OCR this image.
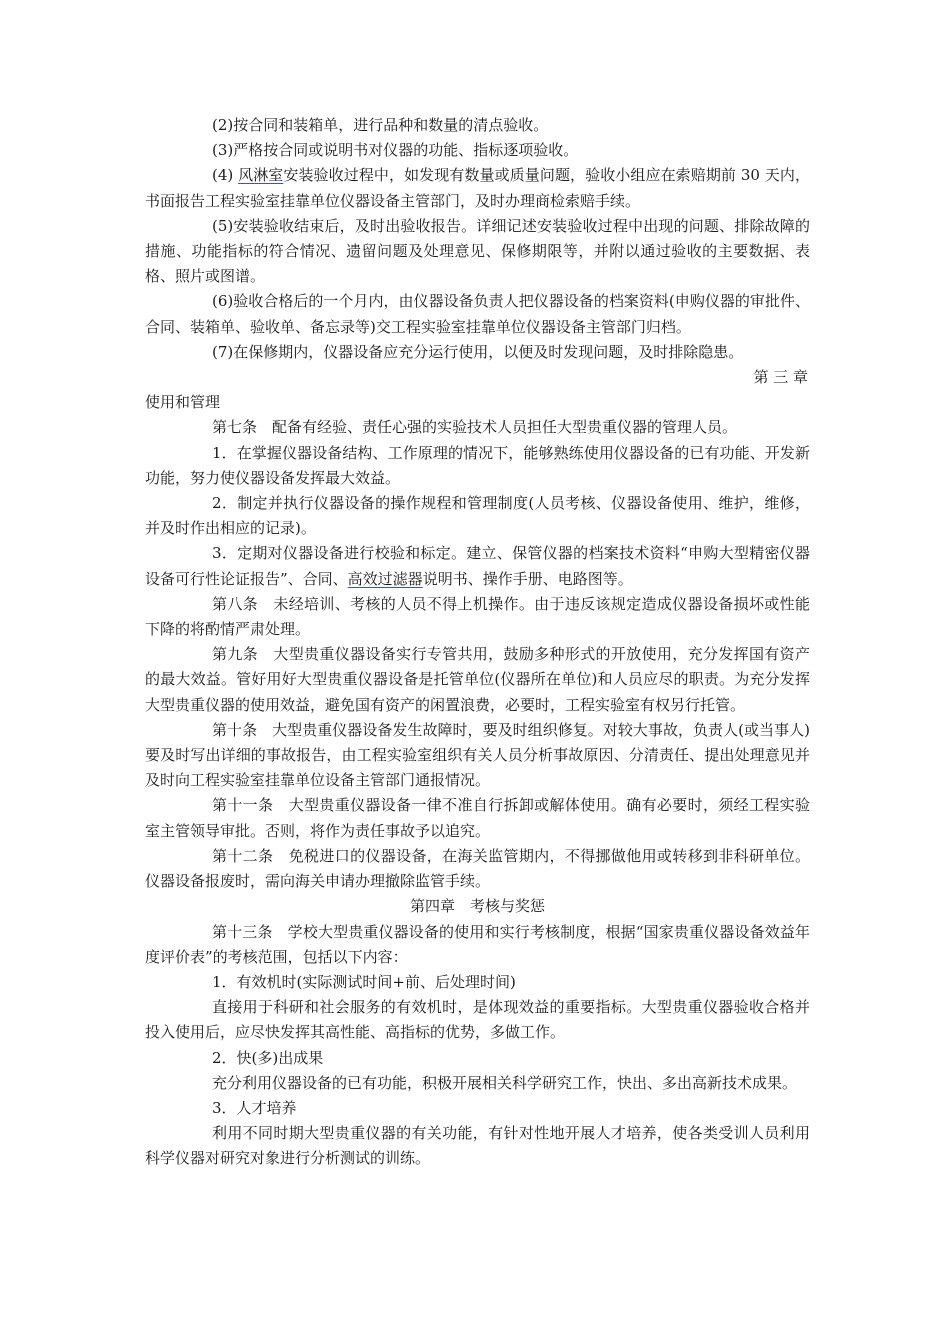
(2)按合同和装箱单，进行品种和数量的清点验收。

(3)严格按合同或说明书对仪器的功能、指标逐项验收。

(4) 风淋室安装验收过程中，如发现有数量或质量问题，验收小组应在索赔期前 30 天内，书面报告工程实验室挂靠单位仪器设备主管部门，及时办理商检索赔手续。

(5)安装验收结束后，及时出验收报告。详细记述安装验收过程中出现的问题、排除故障的措施、功能指标的符合情况、遗留问题及处理意见、保修期限等，并附以通过验收的主要数据、表格、照片或图谱。

(6)验收合格后的一个月内，由仪器设备负责人把仪器设备的档案资料(申购仪器的审批件、合同、装箱单、验收单、备忘录等)交工程实验室挂靠单位仪器设备主管部门归档。

(7)在保修期内，仪器设备应充分运行使用，以便及时发现问题，及时排除隐患。

第 三 章

使用和管理

第七条　配备有经验、责任心强的实验技术人员担任大型贵重仪器的管理人员。

1．在掌握仪器设备结构、工作原理的情况下，能够熟练使用仪器设备的已有功能、开发新功能，努力使仪器设备发挥最大效益。

2．制定并执行仪器设备的操作规程和管理制度(人员考核、仪器设备使用、维护，维修，并及时作出相应的记录)。

3．定期对仪器设备进行校验和标定。建立、保管仪器的档案技术资料“申购大型精密仪器设备可行性论证报告”、合同、高效过滤器说明书、操作手册、电路图等。

第八条　未经培训、考核的人员不得上机操作。由于违反该规定造成仪器设备损坏或性能下降的将酌情严肃处理。

第九条　大型贵重仪器设备实行专管共用，鼓励多种形式的开放使用，充分发挥国有资产的最大效益。管好用好大型贵重仪器设备是托管单位(仪器所在单位)和人员应尽的职责。为充分发挥大型贵重仪器的使用效益，避免国有资产的闲置浪费，必要时，工程实验室有权另行托管。

第十条　大型贵重仪器设备发生故障时，要及时组织修复。对较大事故，负责人(或当事人)要及时写出详细的事故报告，由工程实验室组织有关人员分析事故原因、分清责任、提出处理意见并及时向工程实验室挂靠单位设备主管部门通报情况。

第十一条　大型贵重仪器设备一律不准自行拆卸或解体使用。确有必要时，须经工程实验室主管领导审批。否则，将作为责任事故予以追究。

第十二条　免税进口的仪器设备，在海关监管期内，不得挪做他用或转移到非科研单位。仪器设备报废时，需向海关申请办理撤除监管手续。

第四章　考核与奖惩

第十三条　学校大型贵重仪器设备的使用和实行考核制度，根据“国家贵重仪器设备效益年度评价表”的考核范围，包括以下内容：

1．有效机时(实际测试时间+前、后处理时间)

直接用于科研和社会服务的有效机时，是体现效益的重要指标。大型贵重仪器验收合格并投入使用后，应尽快发挥其高性能、高指标的优势，多做工作。

2．快(多)出成果

充分利用仪器设备的已有功能，积极开展相关科学研究工作，快出、多出高新技术成果。

3．人才培养

利用不同时期大型贵重仪器的有关功能，有针对性地开展人才培养，使各类受训人员利用科学仪器对研究对象进行分析测试的训练。
